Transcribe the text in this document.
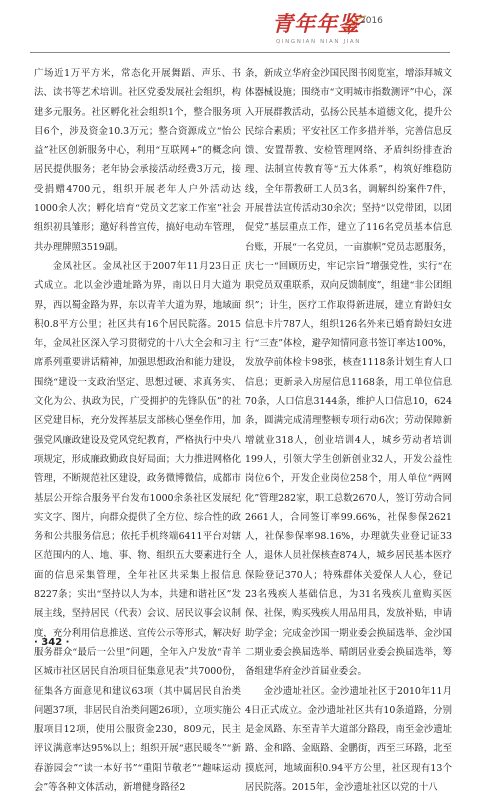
青年年鉴 2016
QINGNIAN NIAN JIAN

广场近1万平方米，常态化开展舞蹈、声乐、书法、读书等艺术培训。社区党委发展社会组织，构建多元服务。社区孵化社会组织1个，整合服务项目6个，涉及资金10.3万元；整合资源成立“怡公益”社区创新服务中心，利用“互联网+”的概念向居民提供服务；老年协会承接活动经费3万元，接受捐赠4700元，组织开展老年人户外活动达1000余人次；孵化培育“党员文艺家工作室”社会组织初具雏形；邀好科普宣传，搞好电动车管理，共办理牌照3519副。

金凤社区。金凤社区于2007年11月23日正式成立。北以金沙遗址路为界，南以日月大道为界，西以蜀金路为界，东以青羊大道为界，地域面积0.8平方公里；社区共有16个居民院落。2015年，金凤社区深入学习贯彻党的十八大全会和习主席系列重要讲话精神，加强思想政治和能力建设，围绕“建设一支政治坚定、思想过硬、求真务实、文化为公、执政为民，广受拥护的先锋队伍”的社区党建目标，充分发挥基层支部核心堡垒作用，加强党风廉政建设及党风党纪教育，严格执行中央八项规定，形成廉政勤政良好局面；大力推进网格化管理，不断规范社区建设，政务微博微信，成都市基层公开综合服务平台发布1000余条社区发展纪实文字、图片，向群众提供了全方位、综合性的政务和公共服务信息；依托手机终端6411平台对辖区范围内的人、地、事、物、组织五大要素进行全面的信息采集管理，全年社区共采集上报信息8227条；实出“坚持以人为本，共建和谐社区”发展主线，坚持居民（代表）会议、居民议事会议制度，充分利用信息推送、宣传公示等形式，解决好服务群众“最后一公里”问题，全年入户发放“青羊区城市社区居民自治项目征集意见表”共7000份，征集各方面意见和建议63项（其中属居民自治类问题37项，非居民自治类问题26项），立项实施公服项目12项，使用公服资金230，809元，民主评议满意率达95%以上；组织开展“惠民暖冬”“新春游园会”“读一本好书”“重阳节敬老”“趣味运动会”等各种文体活动，新增健身路径2

条，新成立华府金沙国民图书阅览室，增添拜城文体器械设施；围绕市“文明城市指数测评”中心，深入开展群教活动，弘扬公民基本道德文化，提升公民综合素质；平安社区工作多措并举，完善信息反馈、安置帮教、安检管理网络、矛盾纠纷排查治理、法制宣传教育等“五大体系”，构筑好维稳防线，全年帮教研工人员3名，调解纠纷案件7件，开展普法宣传活动30余次；坚持“以党带团，以团促党”基层重点工作，建立了116名党员基本信息台账，开展“一名党员，一亩旗帜”党员志愿服务，庆七一“回顾历史，牢记宗旨”增强党性，实行“在职党员双重联系，双向反馈制度”，组建“非公团组织”；计生，医疗工作取得新进展，建立育龄妇女信息卡片787人，组织126名外来已婚育龄妇女进行“三查”体检，避孕知情同意书签订率达100%，发放孕前体检卡98张，核查1118条计划生育人口信息；更新录入房屋信息1168条，用工单位信息70条，人口信息3144条，维护人口信息10，624条，圆满完成清理整顿专项行动6次；劳动保障新增就业318人，创业培训4人，城乡劳动者培训199人，引领大学生创新创业32人，开发公益性岗位6个，开发企业岗位258个，用人单位“两网化”管理282家，职工总数2670人，签订劳动合同2661人，合同签订率99.66%，社保参保2621人，社保参保率98.16%，办理就失业登记证33人，退休人员社保核查874人，城乡居民基本医疗保险登记370人；特殊群体关爱保人人心，登记23名残疾人基础信息，为31名残疾儿童购买医保、社保，购买残疾人用品用具，发放补贴，申请助学金；完成金沙国一期业委会换届选举、金沙国二期业委会换届选举、晴朗居业委会换届选举，筹备组建华府金沙首届业委会。

金沙遗址社区。金沙遗址社区于2010年11月4日正式成立。金沙遗址社区共有10条道路，分别是金凤路、东至青羊大道部分路段，南至金沙遗址路、金和路、金瓯路、金鹏街，西至三环路，北至摸底河，地域面积0.94平方公里，社区现有13个居民院落。2015年，金沙遗址社区以党的十八

· 342 ·
